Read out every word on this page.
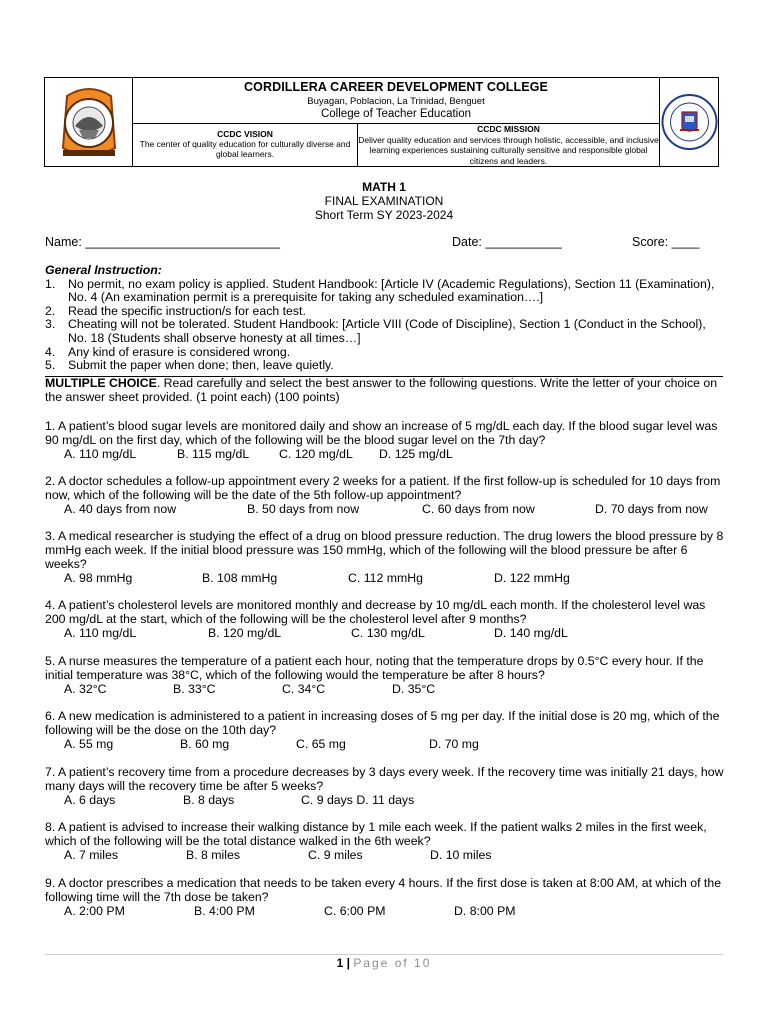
CORDILLERA CAREER DEVELOPMENT COLLEGE
Buyagan, Poblacion, La Trinidad, Benguet
College of Teacher Education
CCDC VISION
The center of quality education for culturally diverse and global learners.
CCDC MISSION
Deliver quality education and services through holistic, accessible, and inclusive learning experiences sustaining culturally sensitive and responsible global citizens and leaders.
MATH 1
FINAL EXAMINATION
Short Term SY 2023-2024
Name: ____________________________	Date: ___________	Score: ____
General Instruction:
1.	No permit, no exam policy is applied. Student Handbook: [Article IV (Academic Regulations), Section 11 (Examination), No. 4 (An examination permit is a prerequisite for taking any scheduled examination….]
2.	Read the specific instruction/s for each test.
3.	Cheating will not be tolerated. Student Handbook: [Article VIII (Code of Discipline), Section 1 (Conduct in the School), No. 18 (Students shall observe honesty at all times…]
4.	Any kind of erasure is considered wrong.
5.	Submit the paper when done; then, leave quietly.
MULTIPLE CHOICE. Read carefully and select the best answer to the following questions. Write the letter of your choice on the answer sheet provided. (1 point each) (100 points)
1. A patient’s blood sugar levels are monitored daily and show an increase of 5 mg/dL each day. If the blood sugar level was 90 mg/dL on the first day, which of the following will be the blood sugar level on the 7th day?
A. 110 mg/dL	B. 115 mg/dL C. 120 mg/dL D. 125 mg/dL
2. A doctor schedules a follow-up appointment every 2 weeks for a patient. If the first follow-up is scheduled for 10 days from now, which of the following will be the date of the 5th follow-up appointment?
A. 40 days from now	B. 50 days from now	C. 60 days from now	D. 70 days from now
3. A medical researcher is studying the effect of a drug on blood pressure reduction. The drug lowers the blood pressure by 8 mmHg each week. If the initial blood pressure was 150 mmHg, which of the following will the blood pressure be after 6 weeks?
A. 98 mmHg	B. 108 mmHg	C. 112 mmHg	D. 122 mmHg
4. A patient’s cholesterol levels are monitored monthly and decrease by 10 mg/dL each month. If the cholesterol level was 200 mg/dL at the start, which of the following will be the cholesterol level after 9 months?
A. 110 mg/dL	B. 120 mg/dL	C. 130 mg/dL	D. 140 mg/dL
5. A nurse measures the temperature of a patient each hour, noting that the temperature drops by 0.5°C every hour. If the initial temperature was 38°C, which of the following would the temperature be after 8 hours?
A. 32°C	B. 33°C	C. 34°C	D. 35°C
6. A new medication is administered to a patient in increasing doses of 5 mg per day. If the initial dose is 20 mg, which of the following will be the dose on the 10th day?
A. 55 mg	B. 60 mg	C. 65 mg	D. 70 mg
7. A patient’s recovery time from a procedure decreases by 3 days every week. If the recovery time was initially 21 days, how many days will the recovery time be after 5 weeks?
A. 6 days	B. 8 days	C. 9 days D. 11 days
8. A patient is advised to increase their walking distance by 1 mile each week. If the patient walks 2 miles in the first week, which of the following will be the total distance walked in the 6th week?
A. 7 miles	B. 8 miles	C. 9 miles	D. 10 miles
9. A doctor prescribes a medication that needs to be taken every 4 hours. If the first dose is taken at 8:00 AM, at which of the following time will the 7th dose be taken?
A. 2:00 PM	B. 4:00 PM	C. 6:00 PM	D. 8:00 PM
1 | Page of 10
